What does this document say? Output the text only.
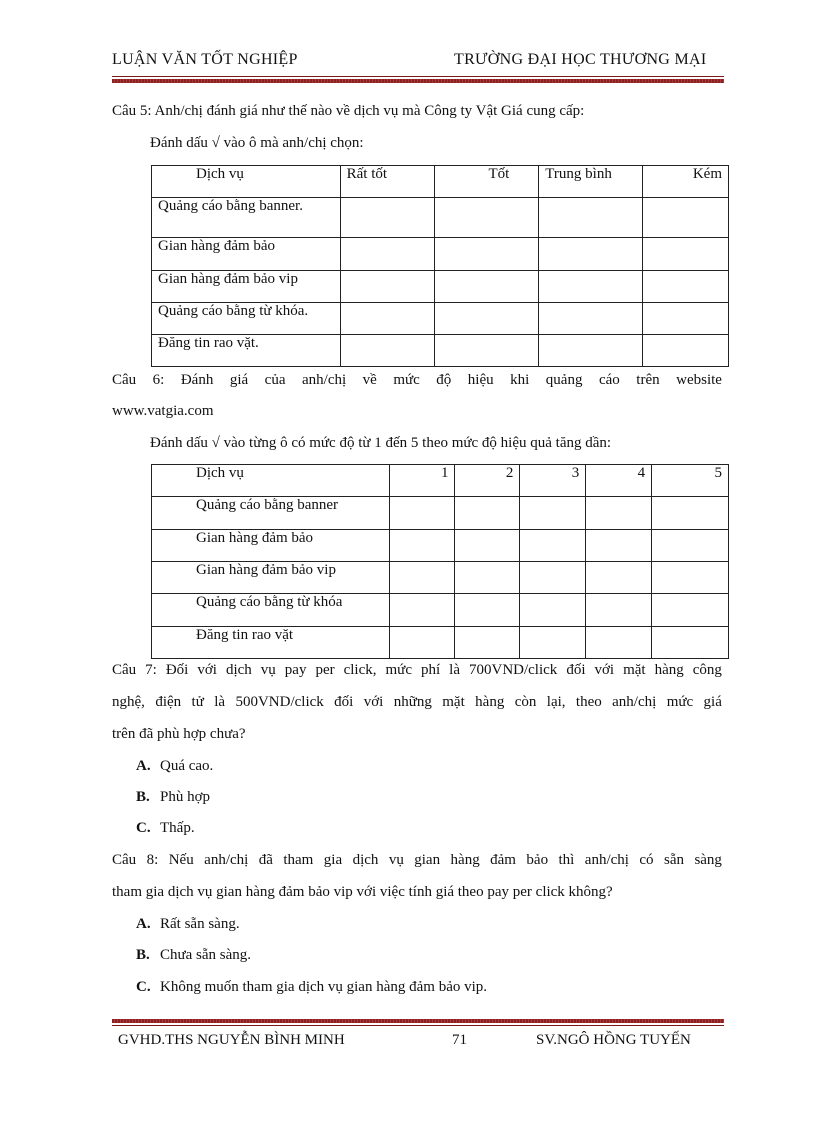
LUẬN VĂN TỐT NGHIỆP	TRƯỜNG ĐẠI HỌC THƯƠNG MẠI
Câu 5: Anh/chị đánh giá như thế nào về dịch vụ mà Công ty Vật Giá cung cấp:
Đánh dấu √ vào ô mà anh/chị chọn:
Dịch vụ	Rất tốt	Tốt	Trung bình	Kém
Quảng cáo bằng banner.				
Gian hàng đảm bảo				
Gian hàng đảm bảo vip				
Quảng cáo bằng từ khóa.				
Đăng tin rao vặt.				
Câu 6: Đánh giá của anh/chị về mức độ hiệu khi quảng cáo trên website
www.vatgia.com
Đánh dấu √ vào từng ô có mức độ từ 1 đến 5 theo mức độ hiệu quả tăng dần:
Dịch vụ	1	2	3	4	5
Quảng cáo bằng banner					
Gian hàng đảm bảo					
Gian hàng đảm bảo vip					
Quảng cáo bằng từ khóa					
Đăng tin rao vặt					
Câu 7: Đối với dịch vụ pay per click, mức phí là 700VND/click đối với mặt hàng công
nghệ, điện tử là 500VND/click đối với những mặt hàng còn lại, theo anh/chị mức giá
trên đã phù hợp chưa?
A. Quá cao.
B. Phù hợp
C. Thấp.
Câu 8: Nếu anh/chị đã tham gia dịch vụ gian hàng đảm bảo thì anh/chị có sẵn sàng
tham gia dịch vụ gian hàng đảm bảo vip với việc tính giá theo pay per click không?
A. Rất sẵn sàng.
B. Chưa sẵn sàng.
C. Không muốn tham gia dịch vụ gian hàng đảm bảo vip.
GVHD.THS NGUYỄN BÌNH MINH	71	SV.NGÔ HỒNG TUYẾN
